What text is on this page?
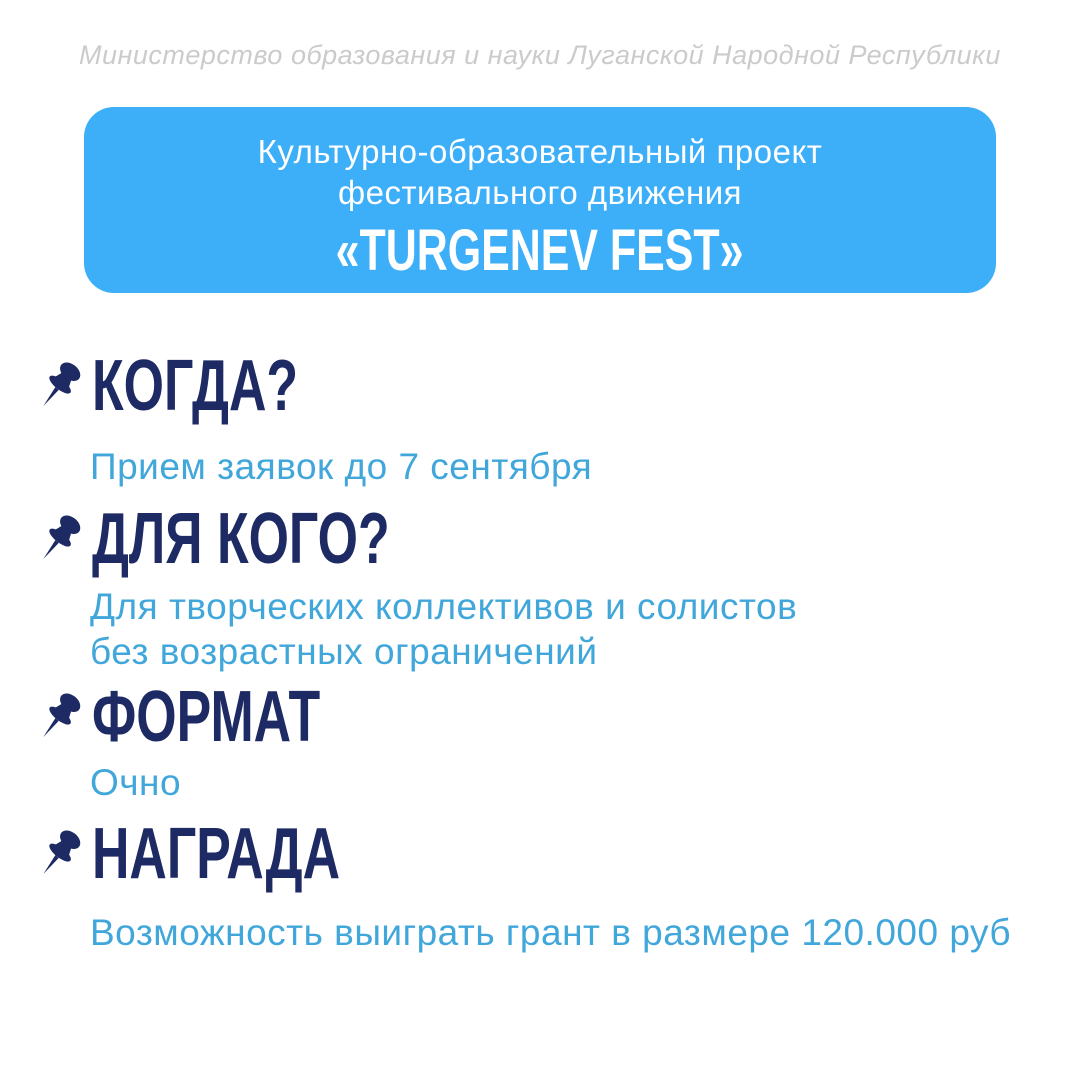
Министерство образования и науки Луганской Народной Республики
Культурно-образовательный проект
фестивального движения
«TURGENEV FEST»
КОГДА?
Прием заявок до 7 сентября
ДЛЯ КОГО?
Для творческих коллективов и солистов
без возрастных ограничений
ФОРМАТ
Очно
НАГРАДА
Возможность выиграть грант в размере 120.000 руб
